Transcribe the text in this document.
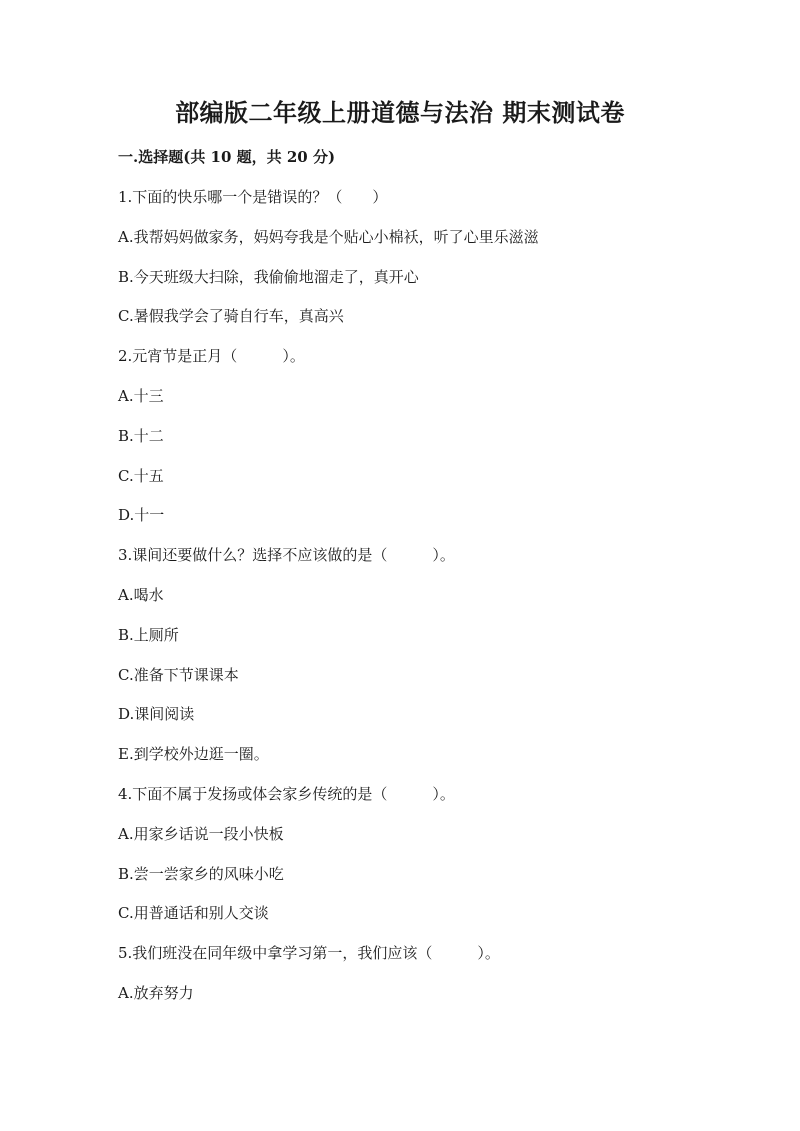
部编版二年级上册道德与法治 期末测试卷
一.选择题(共 10 题，共 20 分)
1.下面的快乐哪一个是错误的？（　　）
A.我帮妈妈做家务，妈妈夸我是个贴心小棉袄，听了心里乐滋滋
B.今天班级大扫除，我偷偷地溜走了，真开心
C.暑假我学会了骑自行车，真高兴
2.元宵节是正月（　　　）。
A.十三
B.十二
C.十五
D.十一
3.课间还要做什么？选择不应该做的是（　　　）。
A.喝水
B.上厕所
C.准备下节课课本
D.课间阅读
E.到学校外边逛一圈。
4.下面不属于发扬或体会家乡传统的是（　　　）。
A.用家乡话说一段小快板
B.尝一尝家乡的风味小吃
C.用普通话和别人交谈
5.我们班没在同年级中拿学习第一，我们应该（　　　）。
A.放弃努力
